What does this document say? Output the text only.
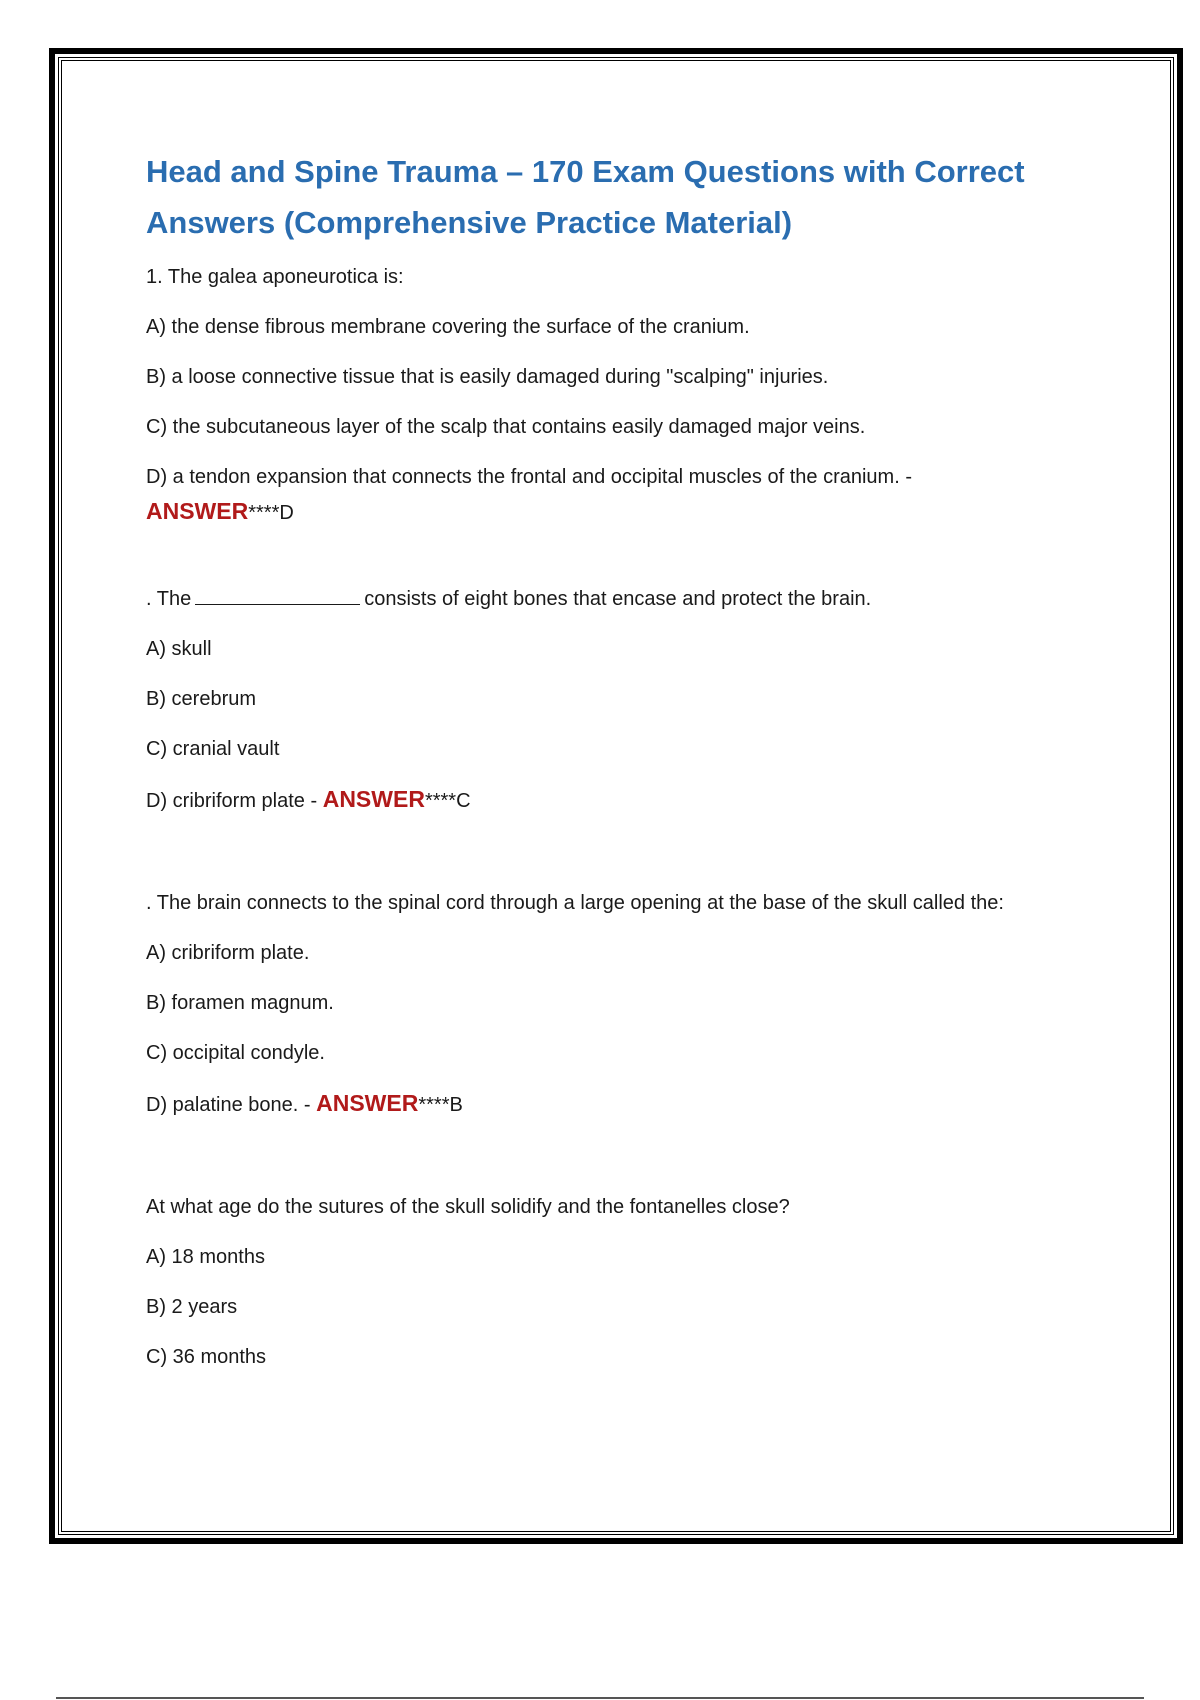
Head and Spine Trauma – 170 Exam Questions with Correct Answers (Comprehensive Practice Material)

1. The galea aponeurotica is:

A) the dense fibrous membrane covering the surface of the cranium.

B) a loose connective tissue that is easily damaged during "scalping" injuries.

C) the subcutaneous layer of the scalp that contains easily damaged major veins.

D) a tendon expansion that connects the frontal and occipital muscles of the cranium. -
ANSWER****D

. The	consists of eight bones that encase and protect the brain.

A) skull

B) cerebrum

C) cranial vault

D) cribriform plate - ANSWER****C

. The brain connects to the spinal cord through a large opening at the base of the skull called the:

A) cribriform plate.

B) foramen magnum.

C) occipital condyle.

D) palatine bone. - ANSWER****B

At what age do the sutures of the skull solidify and the fontanelles close?

A) 18 months

B) 2 years

C) 36 months
